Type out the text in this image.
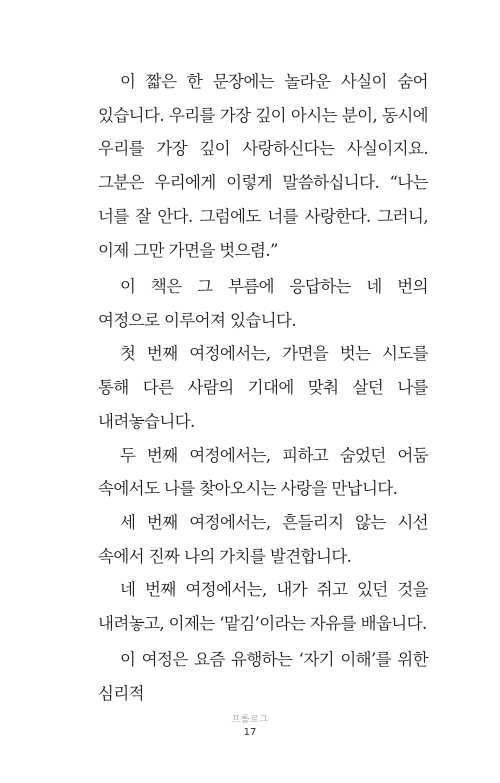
이 짧은 한 문장에는 놀라운 사실이 숨어 있습니다. 우리를 가장 깊이 아시는 분이, 동시에 우리를 가장 깊이 사랑하신다는 사실이지요. 그분은 우리에게 이렇게 말씀하십니다. “나는 너를 잘 안다. 그럼에도 너를 사랑한다. 그러니, 이제 그만 가면을 벗으렴.”

이 책은 그 부름에 응답하는 네 번의 여정으로 이루어져 있습니다.

첫 번째 여정에서는, 가면을 벗는 시도를 통해 다른 사람의 기대에 맞춰 살던 나를 내려놓습니다.

두 번째 여정에서는, 피하고 숨었던 어둠 속에서도 나를 찾아오시는 사랑을 만납니다.

세 번째 여정에서는, 흔들리지 않는 시선 속에서 진짜 나의 가치를 발견합니다.

네 번째 여정에서는, 내가 쥐고 있던 것을 내려놓고, 이제는 ‘맡김’이라는 자유를 배웁니다.

이 여정은 요즘 유행하는 ‘자기 이해’를 위한 심리적

프롤로그
17
